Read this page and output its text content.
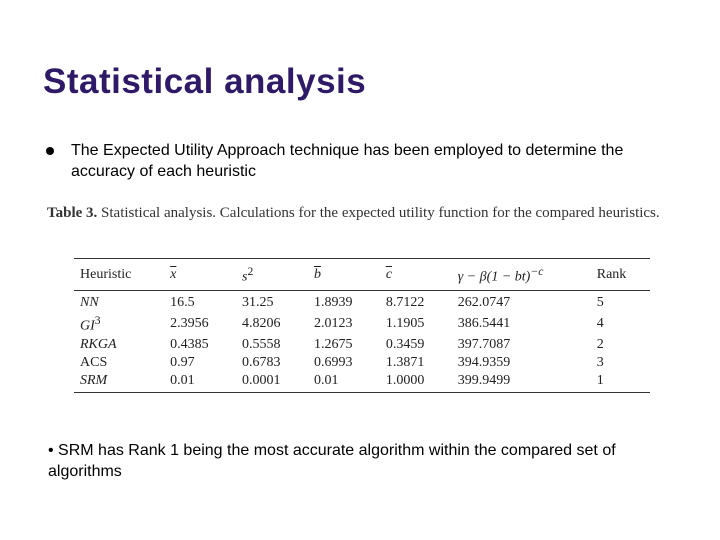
Statistical analysis
The Expected Utility Approach technique has been employed to determine the accuracy of each heuristic
Table 3. Statistical analysis. Calculations for the expected utility function for the compared heuristics.
Heuristic	$\overline{x}$	$s^2$	$\overline{b}$	$\overline{c}$	γ − β(1 − bt)$^{-c}$	Rank
NN	16.5	31.25	1.8939	8.7122	262.0747	5
$GI^3$	2.3956	4.8206	2.0123	1.1905	386.5441	4
RKGA	0.4385	0.5558	1.2675	0.3459	397.7087	2
ACS	0.97	0.6783	0.6993	1.3871	394.9359	3
SRM	0.01	0.0001	0.01	1.0000	399.9499	1
• SRM has Rank 1 being the most accurate algorithm within the compared set of algorithms
